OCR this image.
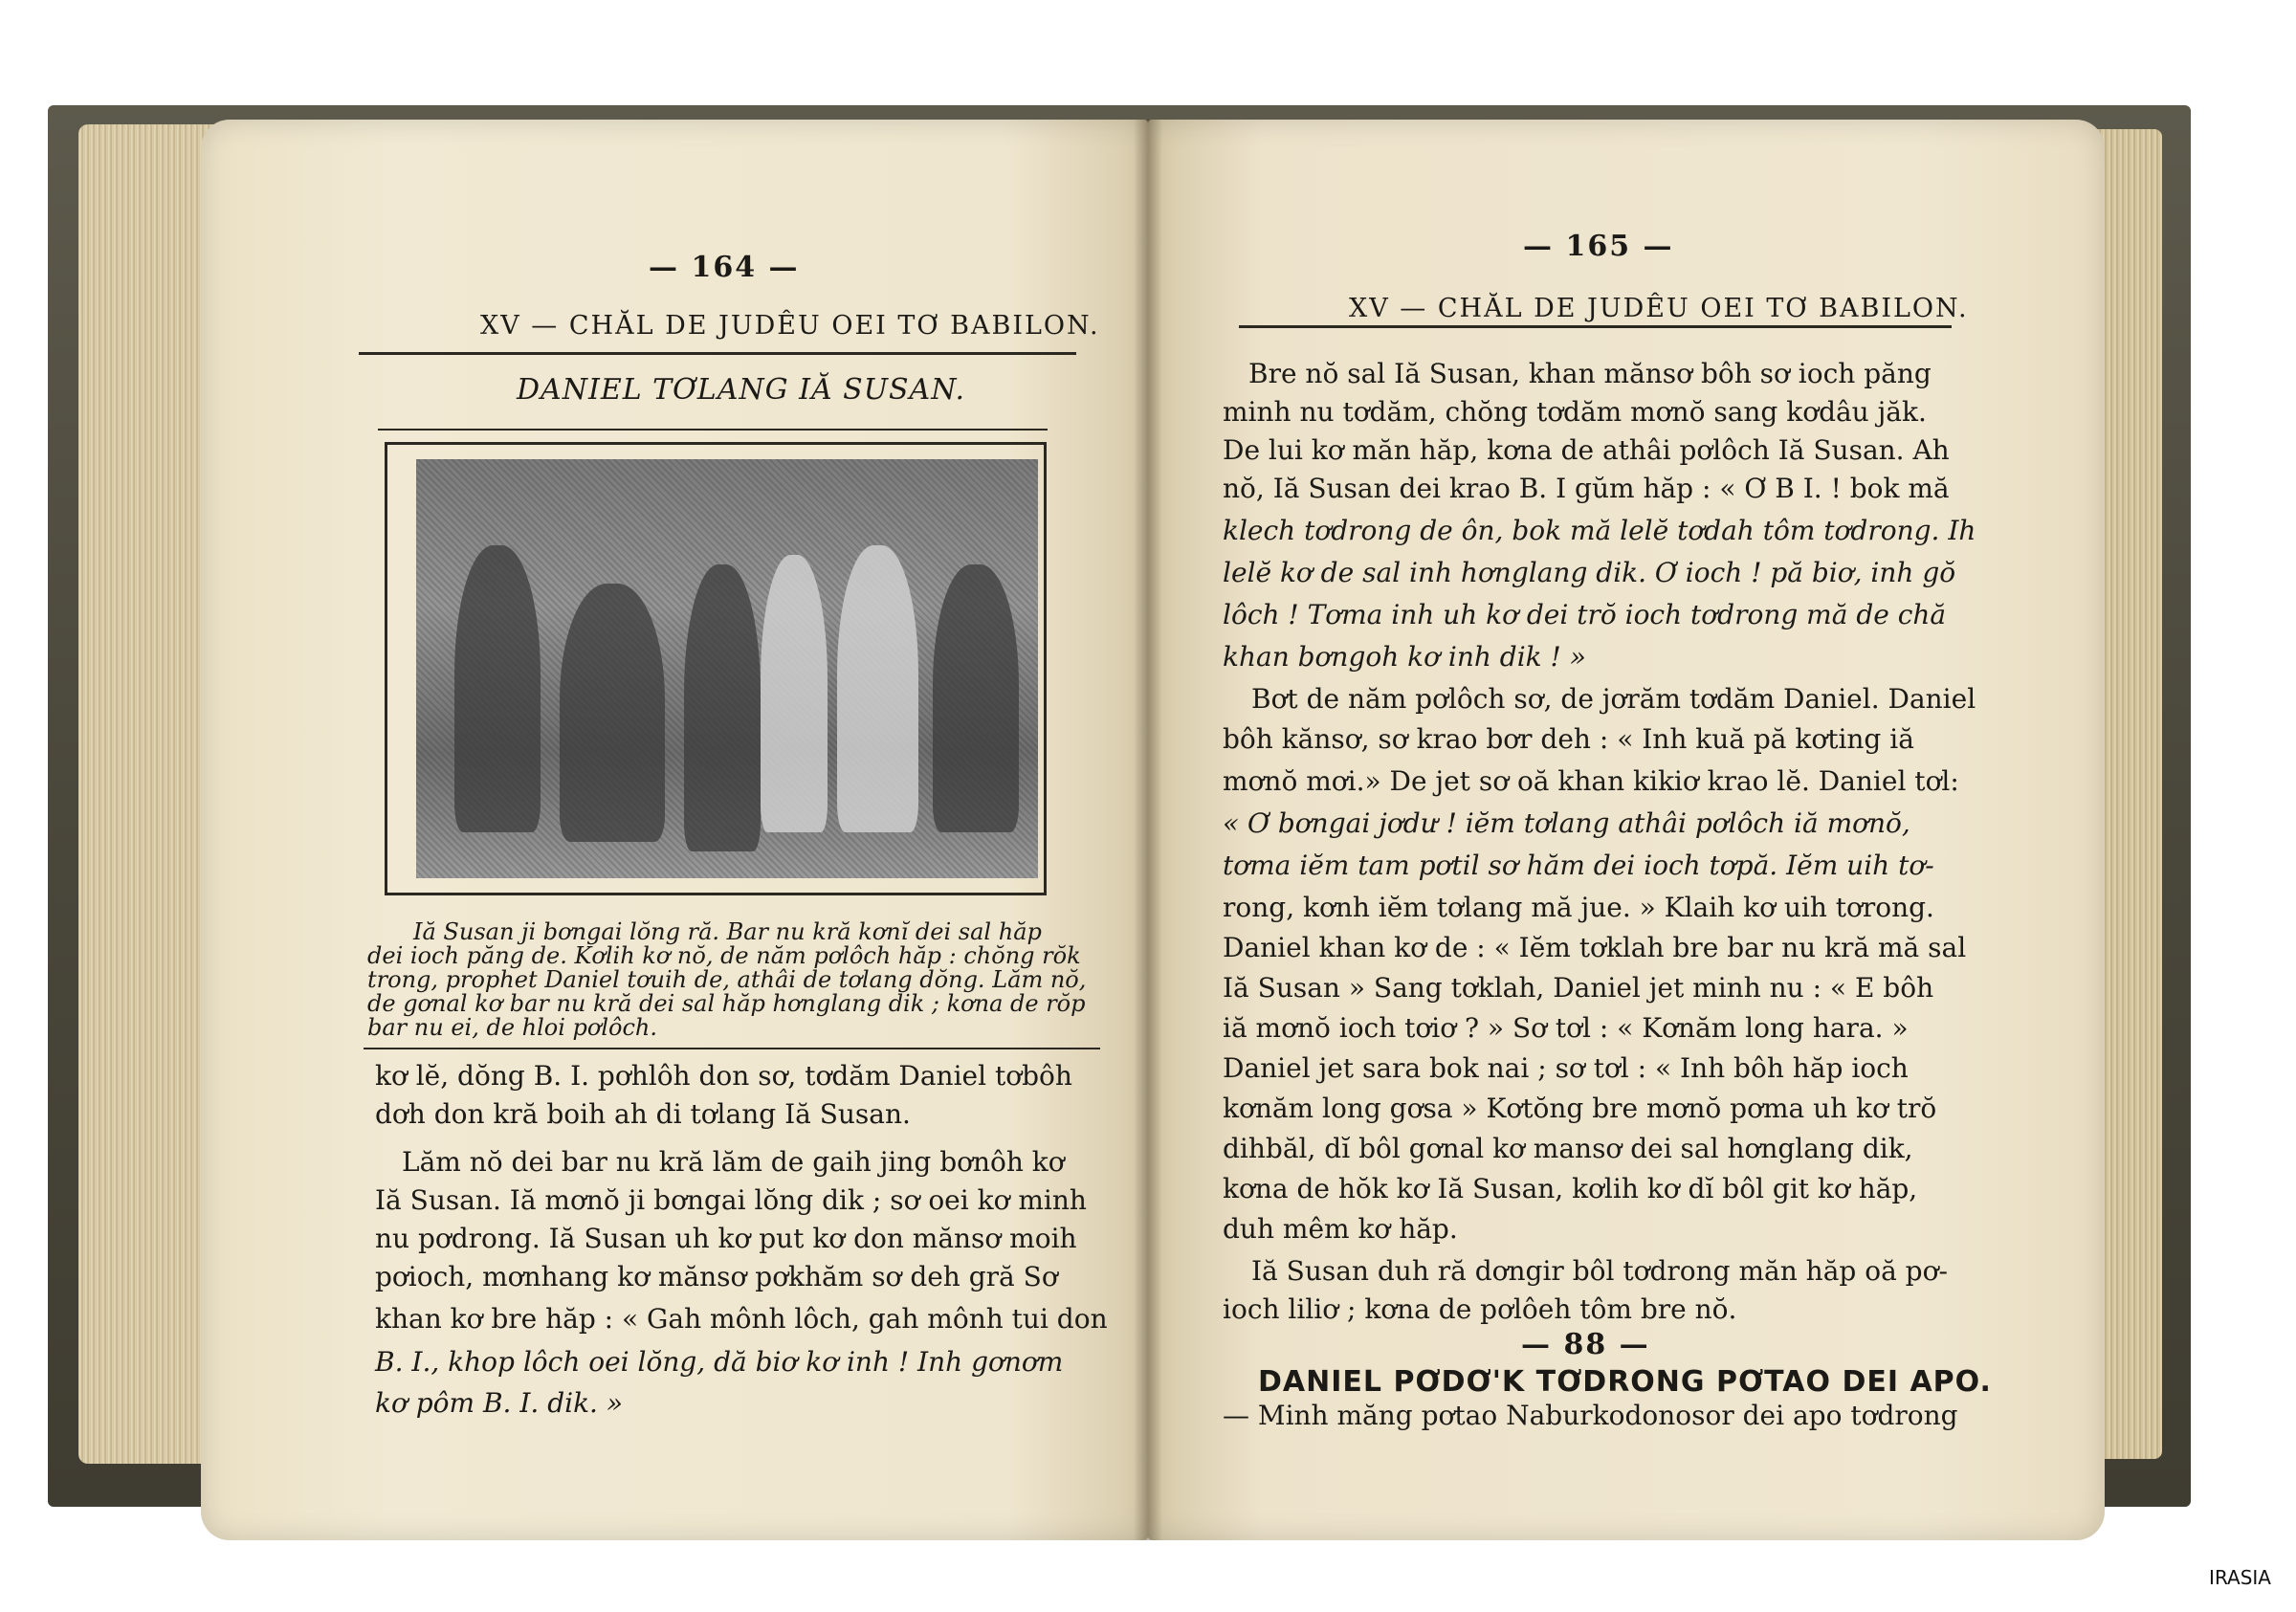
— 164 —
XV — CHĂL DE JUDÊU OEI TƠ BABILON.
DANIEL TƠLANG IĂ SUSAN.
Iă Susan ji bơngai lŏng ră. Bar nu kră kơnĭ dei sal hăp
dei ioch păng de. Kơlih kơ nŏ, de năm pơlôch hăp : chŏng rŏk
trong, prophet Daniel tơuih de, athâi de tơlang dŏng. Lăm nŏ,
de gơnal kơ bar nu kră dei sal hăp hơnglang dik ; kơna de rŏp
bar nu ei, de hloi pơlôch.
kơ lĕ, dŏng B. I. pơhlôh don sơ, tơdăm Daniel tơbôh
dơh don kră boih ah di tơlang Iă Susan.
Lăm nŏ dei bar nu kră lăm de gaih jing bơnôh kơ
Iă Susan. Iă mơnŏ ji bơngai lŏng dik ; sơ oei kơ minh
nu pơdrong. Iă Susan uh kơ put kơ don mănsơ moih
pơioch, mơnhang kơ mănsơ pơkhăm sơ deh gră Sơ
khan kơ bre hăp : « Gah mônh lôch, gah mônh tui don
B. I., khop lôch oei lŏng, dă biơ kơ inh ! Inh gơnơm
kơ pôm B. I. dik. »
— 165 —
XV — CHĂL DE JUDÊU OEI TƠ BABILON.
Bre nŏ sal Iă Susan, khan mănsơ bôh sơ ioch păng
minh nu tơdăm, chŏng tơdăm mơnŏ sang kơdâu jăk.
De lui kơ măn hăp, kơna de athâi pơlôch Iă Susan. Ah
nŏ, Iă Susan dei krao B. I gŭm hăp : « Ơ B I. ! bok mă
klech tơdrong de ôn, bok mă lelĕ tơdah tôm tơdrong. Ih
lelĕ kơ de sal inh hơnglang dik. Ơ ioch ! pă biơ, inh gŏ
lôch ! Tơma inh uh kơ dei trŏ ioch tơdrong mă de chă
khan bơngoh kơ inh dik ! »
Bơt de năm pơlôch sơ, de jơrăm tơdăm Daniel. Daniel
bôh kănsơ, sơ krao bơr deh : « Inh kuă pă kơting iă
mơnŏ mơi.» De jet sơ oă khan kikiơ krao lĕ. Daniel tơl:
« Ơ bơngai jơdư ! iĕm tơlang athâi pơlôch iă mơnŏ,
tơma iĕm tam pơtil sơ hăm dei ioch tơpă. Iĕm uih tơ-
rong, kơnh iĕm tơlang mă jue. » Klaih kơ uih tơrong.
Daniel khan kơ de : « Iĕm tơklah bre bar nu kră mă sal
Iă Susan » Sang tơklah, Daniel jet minh nu : « E bôh
iă mơnŏ ioch tơiơ ? » Sơ tơl : « Kơnăm long hara. »
Daniel jet sara bok nai ; sơ tơl : « Inh bôh hăp ioch
kơnăm long gơsa » Kơtŏng bre mơnŏ pơma uh kơ trŏ
dihbăl, dĭ bôl gơnal kơ mansơ dei sal hơnglang dik,
kơna de hŏk kơ Iă Susan, kơlih kơ dĭ bôl git kơ hăp,
duh mêm kơ hăp.
Iă Susan duh ră dơngir bôl tơdrong măn hăp oă pơ-
ioch liliơ ; kơna de pơlôeh tôm bre nŏ.
— 88 —
DANIEL PƠDƠ'K TƠDRONG PƠTAO DEI APO.
— Minh măng pơtao Naburkodonosor dei apo tơdrong
IRASIA
